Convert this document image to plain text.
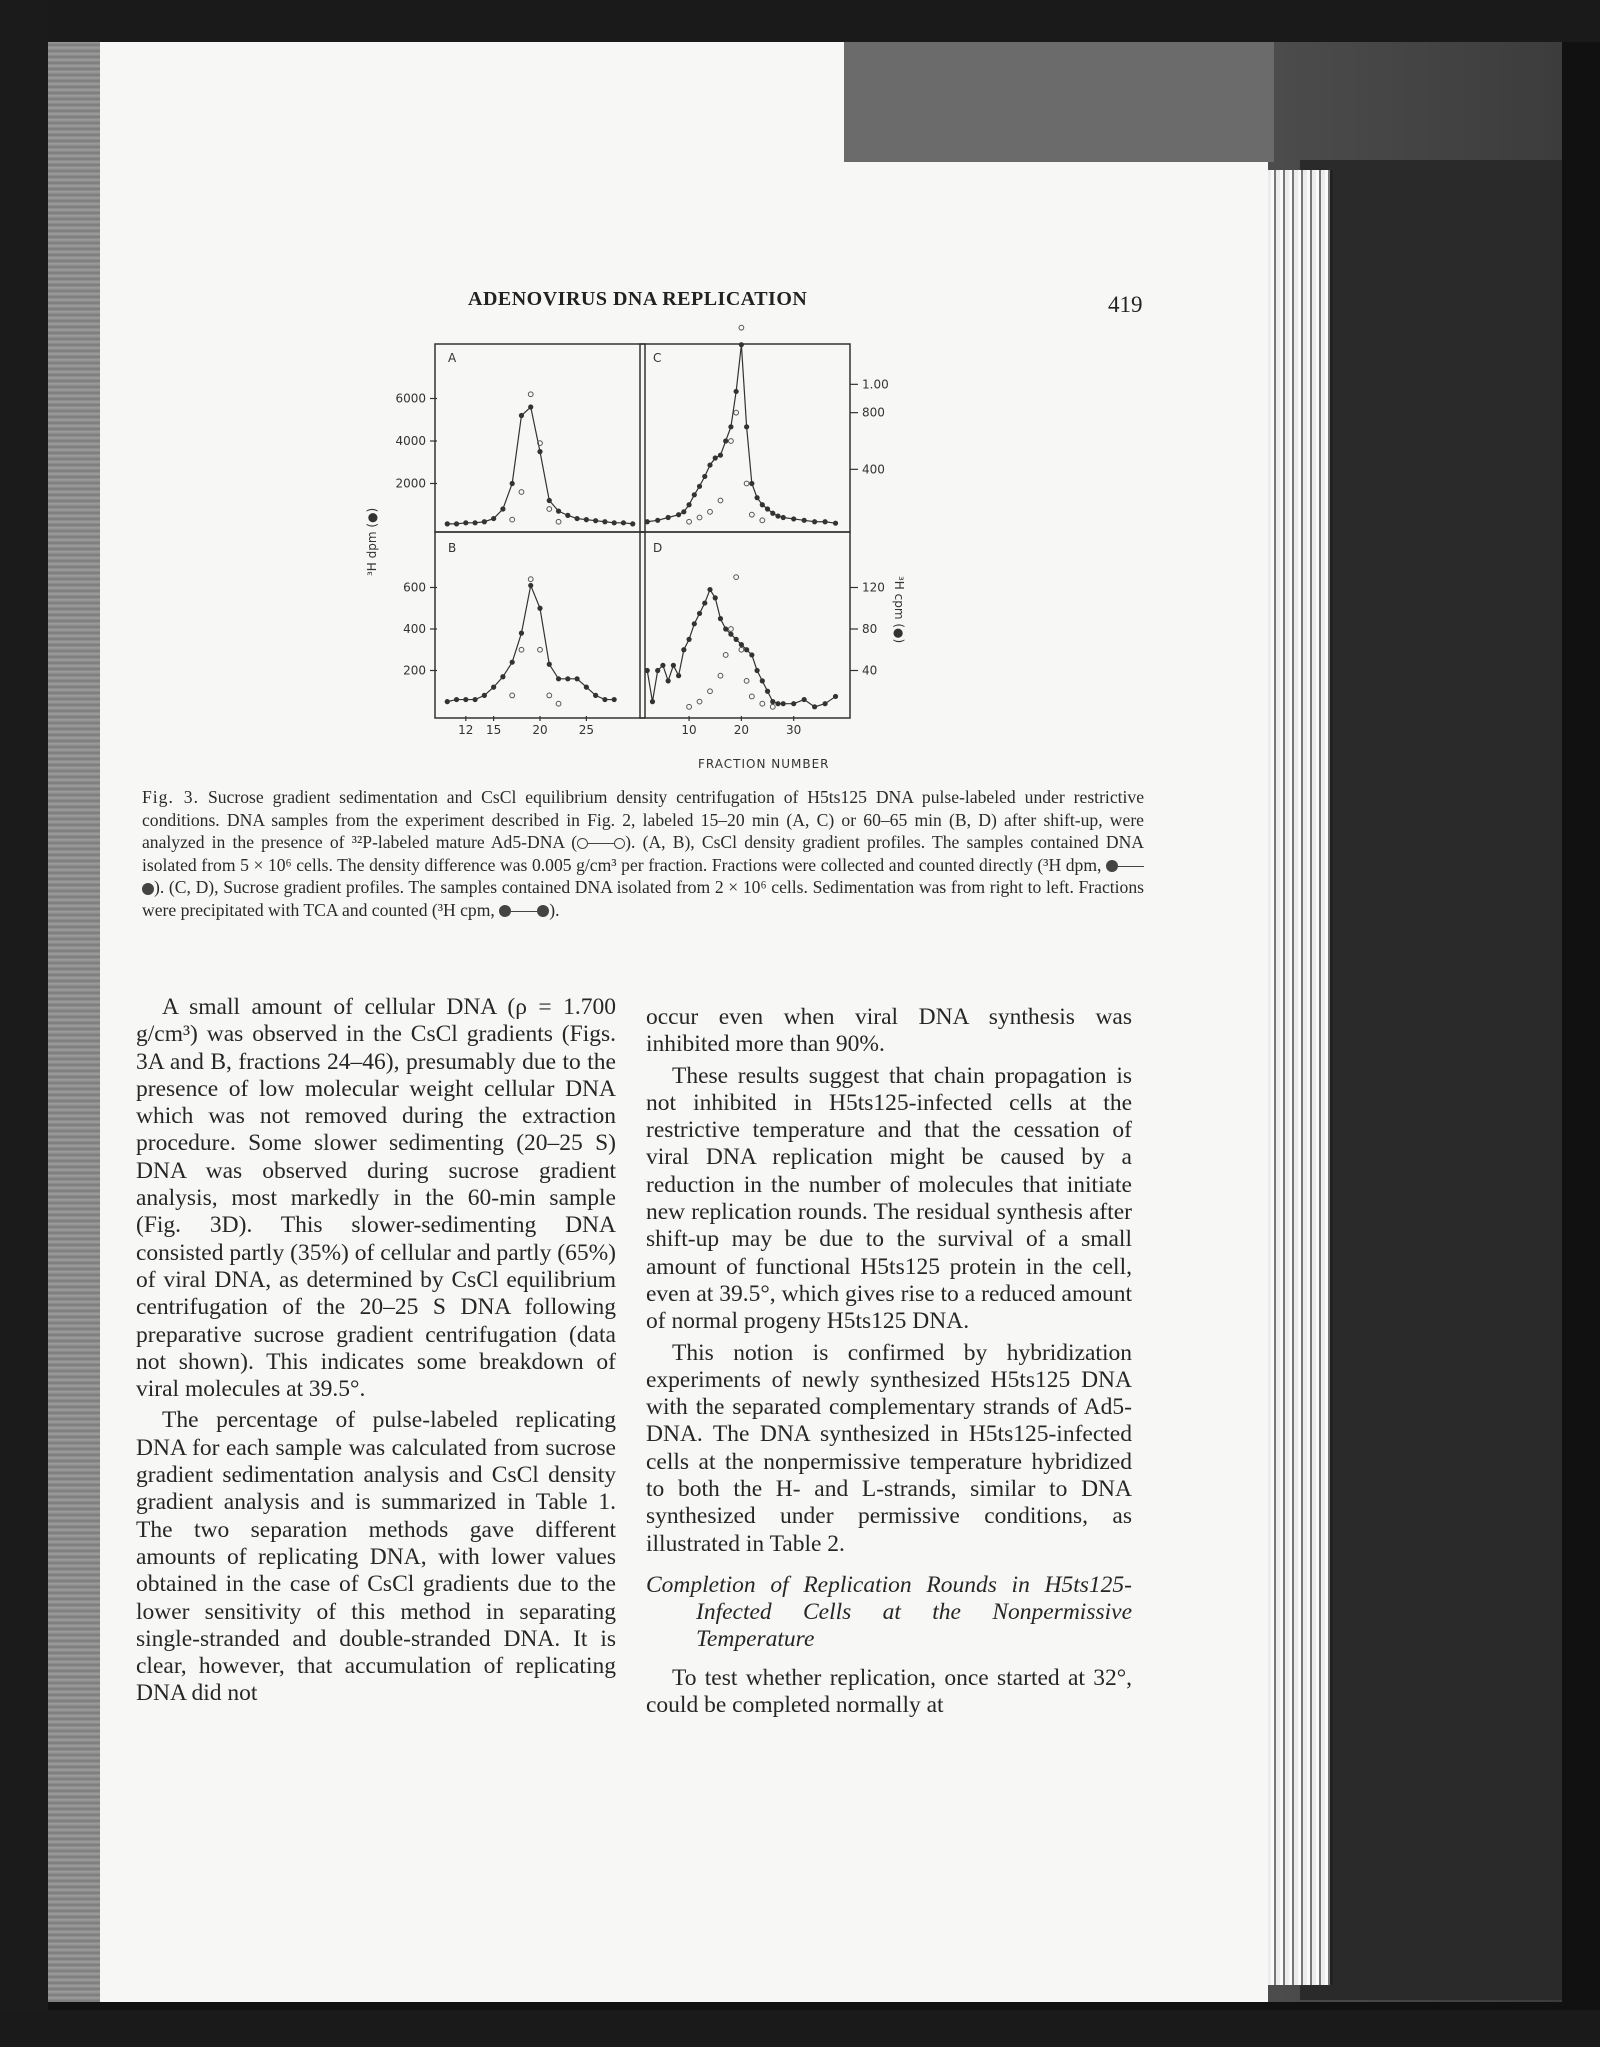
ADENOVIRUS DNA REPLICATION	419
A
B
C
D
³H dpm (●)
³H cpm (●)
FRACTION NUMBER
2000
4000
6000
200
400
600
12 15	20	25
400
800
1.00
40
80
120
10	20	30

Fig. 3. Sucrose gradient sedimentation and CsCl equilibrium density centrifugation of H5ts125 DNA pulse-labeled under restrictive conditions. DNA samples from the experiment described in Fig. 2, labeled 15–20 min (A, C) or 60–65 min (B, D) after shift-up, were analyzed in the presence of ³²P-labeled mature Ad5-DNA (	). (A, B), CsCl density gradient profiles. The samples contained DNA isolated from 5 × 10⁶ cells. The density difference was 0.005 g/cm³ per fraction. Fractions were collected and counted directly (³H dpm, ). (C, D), Sucrose gradient profiles. The samples contained DNA isolated from 2 × 10⁶ cells. Sedimentation was from right to left. Fractions were precipitated with TCA and counted (³H cpm,	).

A small amount of cellular DNA (ρ = 1.700 g/cm³) was observed in the CsCl gradients (Figs. 3A and B, fractions 24–46), presumably due to the presence of low molecular weight cellular DNA which was not removed during the extraction procedure. Some slower sedimenting (20–25 S) DNA was observed during sucrose gradient analysis, most markedly in the 60-min sample (Fig. 3D). This slower-sedimenting DNA consisted partly (35%) of cellular and partly (65%) of viral DNA, as determined by CsCl equilibrium centrifugation of the 20–25 S DNA following preparative sucrose gradient centrifugation (data not shown). This indicates some breakdown of viral molecules at 39.5°.

The percentage of pulse-labeled replicating DNA for each sample was calculated from sucrose gradient sedimentation analysis and CsCl density gradient analysis and is summarized in Table 1. The two separation methods gave different amounts of replicating DNA, with lower values obtained in the case of CsCl gradients due to the lower sensitivity of this method in separating single-stranded and double-stranded DNA. It is clear, however, that accumulation of replicating DNA did not

occur even when viral DNA synthesis was inhibited more than 90%.

These results suggest that chain propagation is not inhibited in H5ts125-infected cells at the restrictive temperature and that the cessation of viral DNA replication might be caused by a reduction in the number of molecules that initiate new replication rounds. The residual synthesis after shift-up may be due to the survival of a small amount of functional H5ts125 protein in the cell, even at 39.5°, which gives rise to a reduced amount of normal progeny H5ts125 DNA.

This notion is confirmed by hybridization experiments of newly synthesized H5ts125 DNA with the separated complementary strands of Ad5-DNA. The DNA synthesized in H5ts125-infected cells at the nonpermissive temperature hybridized to both the H- and L-strands, similar to DNA synthesized under permissive conditions, as illustrated in Table 2.

Completion of Replication Rounds in H5ts125-Infected Cells at the Nonpermissive Temperature

To test whether replication, once started at 32°, could be completed normally at
